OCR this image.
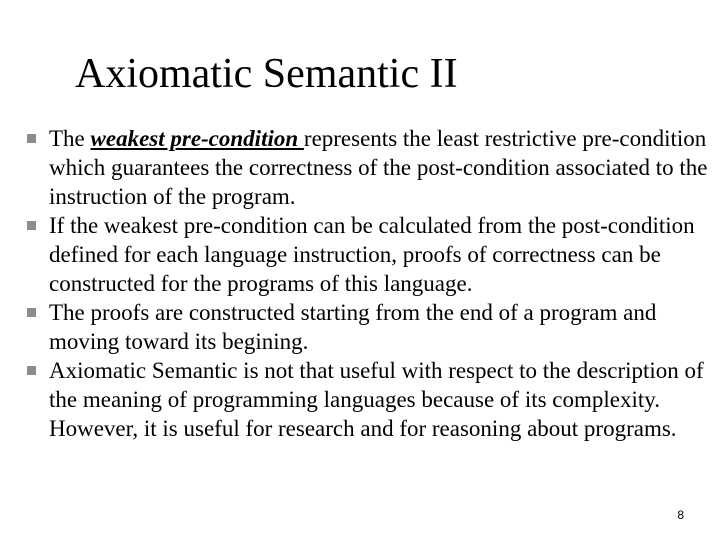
Axiomatic Semantic II
The weakest pre-condition represents the least restrictive pre-condition which guarantees the correctness of the post-condition associated to the instruction of the program.
If the weakest pre-condition can be calculated from the post-condition defined for each language instruction, proofs of correctness can be constructed for the programs of this language.
The proofs are constructed starting from the end of a program and moving toward its begining.
Axiomatic Semantic is not that useful with respect to the description of the meaning of programming languages because of its complexity. However, it is useful for research and for reasoning about programs.
8
